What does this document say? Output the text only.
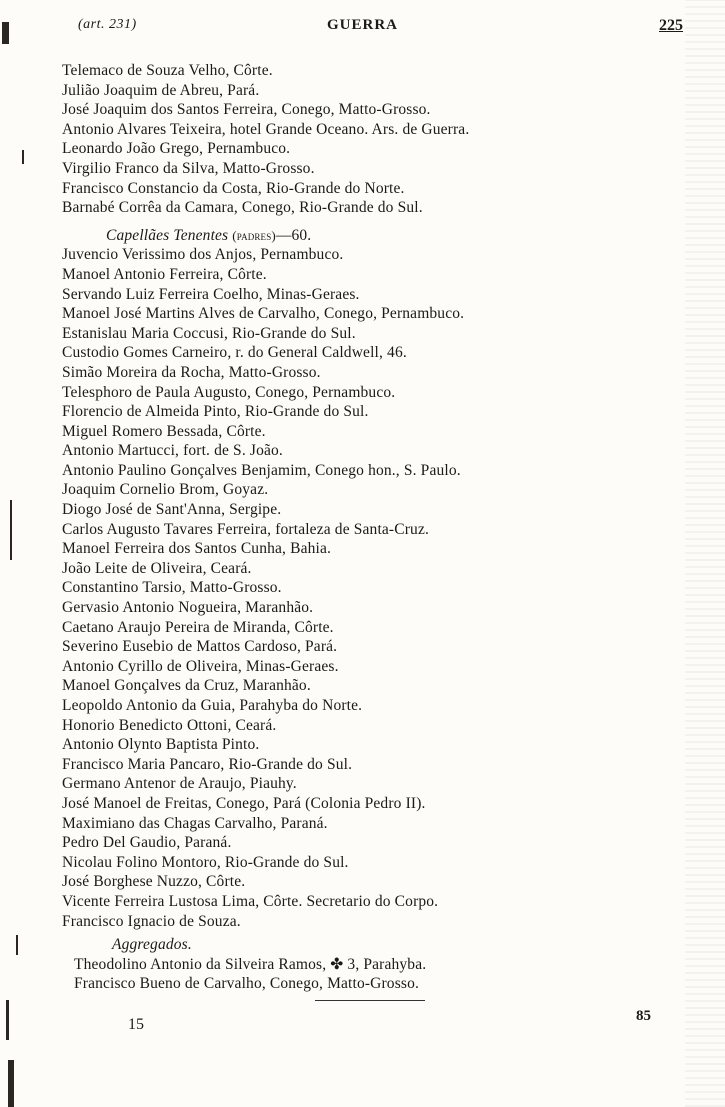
(art. 231)	GUERRA	225
Telemaco de Souza Velho, Côrte.
Julião Joaquim de Abreu, Pará.
José Joaquim dos Santos Ferreira, Conego, Matto-Grosso.
Antonio Alvares Teixeira, hotel Grande Oceano. Ars. de Guerra.
Leonardo João Grego, Pernambuco.
Virgilio Franco da Silva, Matto-Grosso.
Francisco Constancio da Costa, Rio-Grande do Norte.
Barnabé Corrêa da Camara, Conego, Rio-Grande do Sul.
Capellães Tenentes (padres)—60.
Juvencio Verissimo dos Anjos, Pernambuco.
Manoel Antonio Ferreira, Côrte.
Servando Luiz Ferreira Coelho, Minas-Geraes.
Manoel José Martins Alves de Carvalho, Conego, Pernambuco.
Estanislau Maria Coccusi, Rio-Grande do Sul.
Custodio Gomes Carneiro, r. do General Caldwell, 46.
Simão Moreira da Rocha, Matto-Grosso.
Telesphoro de Paula Augusto, Conego, Pernambuco.
Florencio de Almeida Pinto, Rio-Grande do Sul.
Miguel Romero Bessada, Côrte.
Antonio Martucci, fort. de S. João.
Antonio Paulino Gonçalves Benjamim, Conego hon., S. Paulo.
Joaquim Cornelio Brom, Goyaz.
Diogo José de Sant'Anna, Sergipe.
Carlos Augusto Tavares Ferreira, fortaleza de Santa-Cruz.
Manoel Ferreira dos Santos Cunha, Bahia.
João Leite de Oliveira, Ceará.
Constantino Tarsio, Matto-Grosso.
Gervasio Antonio Nogueira, Maranhão.
Caetano Araujo Pereira de Miranda, Côrte.
Severino Eusebio de Mattos Cardoso, Pará.
Antonio Cyrillo de Oliveira, Minas-Geraes.
Manoel Gonçalves da Cruz, Maranhão.
Leopoldo Antonio da Guia, Parahyba do Norte.
Honorio Benedicto Ottoni, Ceará.
Antonio Olynto Baptista Pinto.
Francisco Maria Pancaro, Rio-Grande do Sul.
Germano Antenor de Araujo, Piauhy.
José Manoel de Freitas, Conego, Pará (Colonia Pedro II).
Maximiano das Chagas Carvalho, Paraná.
Pedro Del Gaudio, Paraná.
Nicolau Folino Montoro, Rio-Grande do Sul.
José Borghese Nuzzo, Côrte.
Vicente Ferreira Lustosa Lima, Côrte. Secretario do Corpo.
Francisco Ignacio de Souza.
Aggregados.
Theodolino Antonio da Silveira Ramos, ✤ 3, Parahyba.
Francisco Bueno de Carvalho, Conego, Matto-Grosso.
15	85
